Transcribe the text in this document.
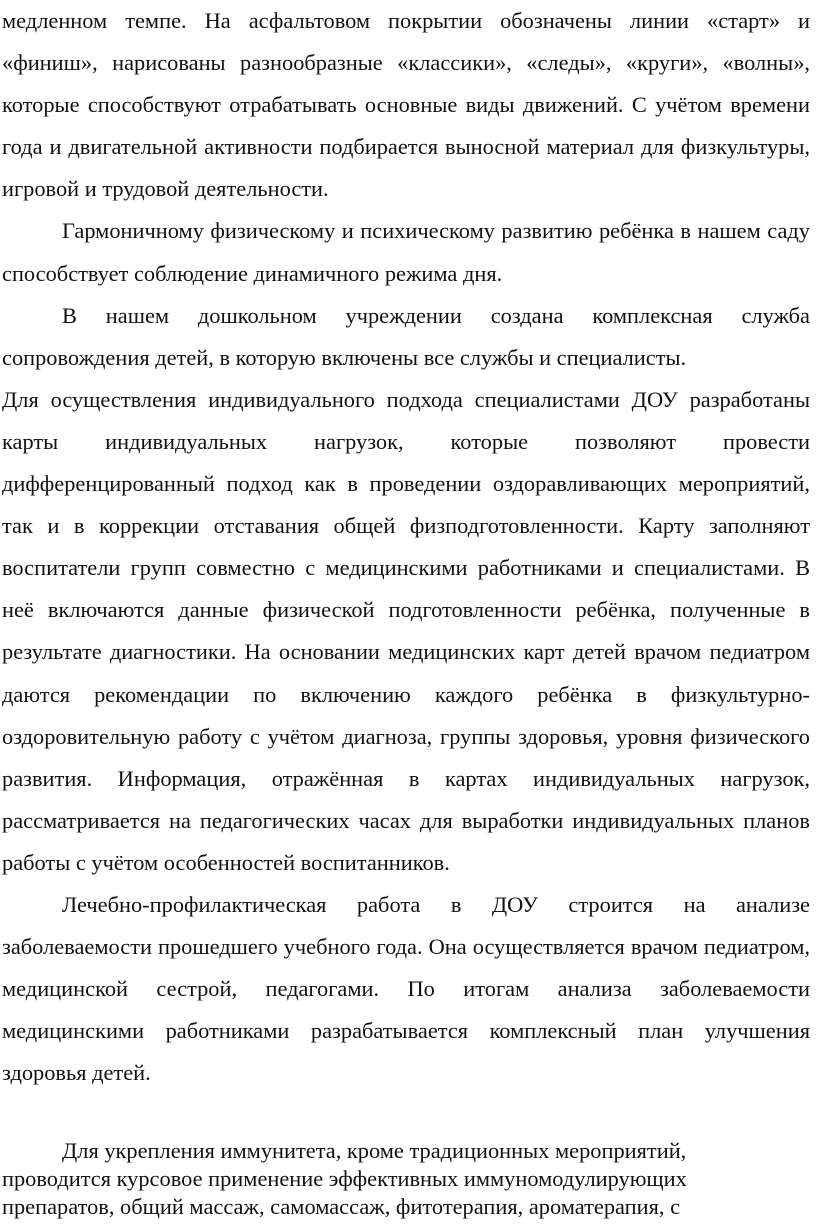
медленном темпе. На асфальтовом покрытии обозначены линии «старт» и «финиш», нарисованы разнообразные «классики», «следы», «круги», «волны», которые способствуют отрабатывать основные виды движений. С учётом времени года и двигательной активности подбирается выносной материал для физкультуры, игровой и трудовой деятельности.

Гармоничному физическому и психическому развитию ребёнка в нашем саду способствует соблюдение динамичного режима дня.

В нашем дошкольном учреждении создана комплексная служба сопровождения детей, в которую включены все службы и специалисты.

Для осуществления индивидуального подхода специалистами ДОУ разработаны карты индивидуальных нагрузок, которые позволяют провести дифференцированный подход как в проведении оздоравливающих мероприятий, так и в коррекции отставания общей физподготовленности. Карту заполняют воспитатели групп совместно с медицинскими работниками и специалистами. В неё включаются данные физической подготовленности ребёнка, полученные в результате диагностики. На основании медицинских карт детей врачом педиатром даются рекомендации по включению каждого ребёнка в физкультурно-оздоровительную работу с учётом диагноза, группы здоровья, уровня физического развития. Информация, отражённая в картах индивидуальных нагрузок, рассматривается на педагогических часах для выработки индивидуальных планов работы с учётом особенностей воспитанников.

Лечебно-профилактическая работа в ДОУ строится на анализе заболеваемости прошедшего учебного года. Она осуществляется врачом педиатром, медицинской сестрой, педагогами. По итогам анализа заболеваемости медицинскими работниками разрабатывается комплексный план улучшения здоровья детей.

Для укрепления иммунитета, кроме традиционных мероприятий,
проводится курсовое применение эффективных иммуномодулирующих
препаратов, общий массаж, самомассаж, фитотерапия, ароматерапия, с
